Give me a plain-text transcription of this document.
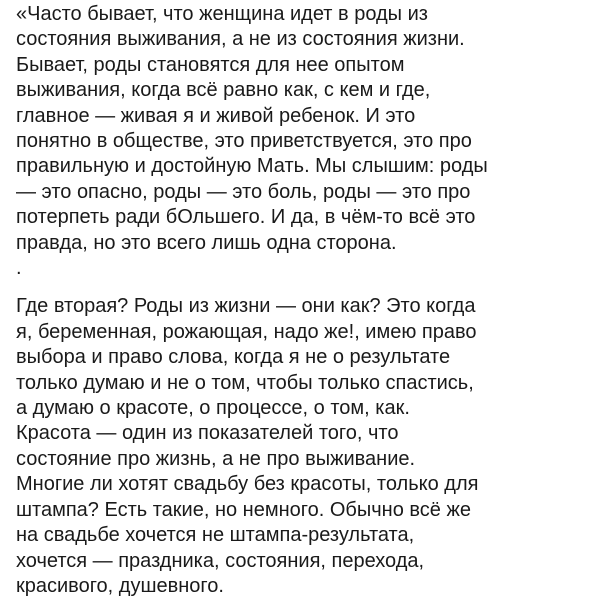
«Часто бывает, что женщина идет в роды из
состояния выживания, а не из состояния жизни.
Бывает, роды становятся для нее опытом
выживания, когда всё равно как, с кем и где,
главное — живая я и живой ребенок. И это
понятно в обществе, это приветствуется, это про
правильную и достойную Мать. Мы слышим: роды
— это опасно, роды — это боль, роды — это про
потерпеть ради бОльшего. И да, в чём-то всё это
правда, но это всего лишь одна сторона.
.
Где вторая? Роды из жизни — они как? Это когда
я, беременная, рожающая, надо же!, имею право
выбора и право слова, когда я не о результате
только думаю и не о том, чтобы только спастись,
а думаю о красоте, о процессе, о том, как.
Красота — один из показателей того, что
состояние про жизнь, а не про выживание.
Многие ли хотят свадьбу без красоты, только для
штампа? Есть такие, но немного. Обычно всё же
на свадьбе хочется не штампа-результата,
хочется — праздника, состояния, перехода,
красивого, душевного.
